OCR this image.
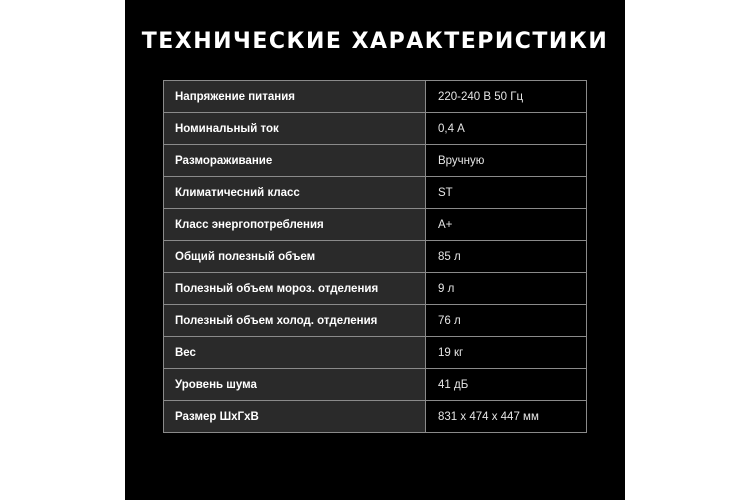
ТЕХНИЧЕСКИЕ ХАРАКТЕРИСТИКИ
Напряжение питания	220-240 В 50 Гц
Номинальный ток	0,4 А
Размораживание	Вручную
Климатичесний класс	ST
Класс энергопотребления	A+
Общий полезный объем	85 л
Полезный объем мороз. отделения	9 л
Полезный объем холод. отделения	76 л
Вес	19 кг
Уровень шума	41 дБ
Размер ШхГхВ	831 х 474 х 447 мм
